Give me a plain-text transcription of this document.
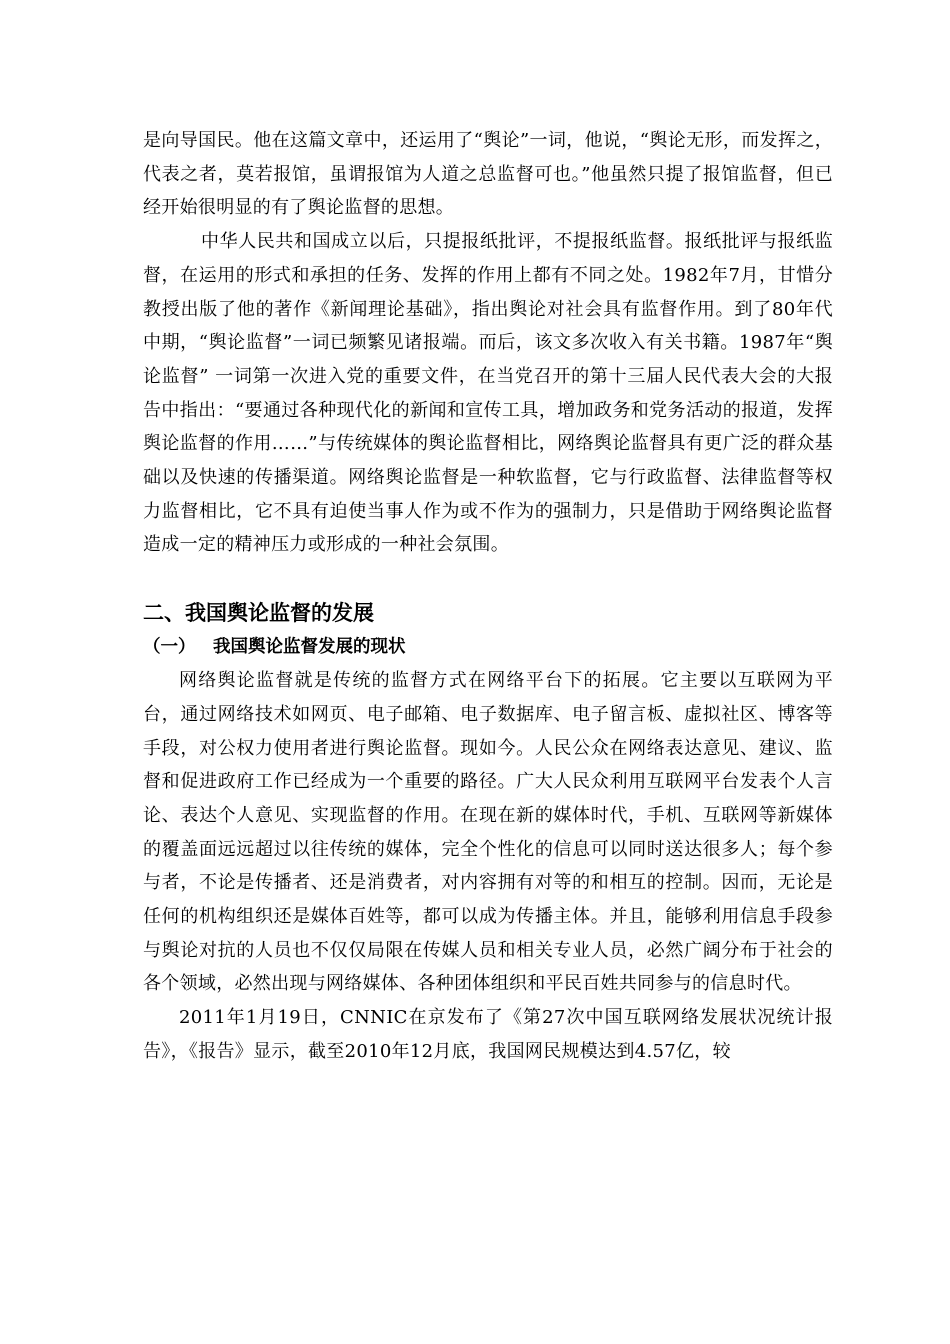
是向导国民。他在这篇文章中，还运用了“舆论”一词，他说，“舆论无形，而发挥之，代表之者，莫若报馆，虽谓报馆为人道之总监督可也。”他虽然只提了报馆监督，但已经开始很明显的有了舆论监督的思想。

中华人民共和国成立以后，只提报纸批评，不提报纸监督。报纸批评与报纸监督，在运用的形式和承担的任务、发挥的作用上都有不同之处。1982年7月，甘惜分教授出版了他的著作《新闻理论基础》，指出舆论对社会具有监督作用。到了80年代中期，“舆论监督”一词已频繁见诸报端。而后，该文多次收入有关书籍。1987年“舆论监督” 一词第一次进入党的重要文件，在当党召开的第十三届人民代表大会的大报告中指出：“要通过各种现代化的新闻和宣传工具，增加政务和党务活动的报道，发挥舆论监督的作用……”与传统媒体的舆论监督相比，网络舆论监督具有更广泛的群众基础以及快速的传播渠道。网络舆论监督是一种软监督，它与行政监督、法律监督等权力监督相比，它不具有迫使当事人作为或不作为的强制力，只是借助于网络舆论监督造成一定的精神压力或形成的一种社会氛围。

二、我国舆论监督的发展
（一） 我国舆论监督发展的现状

网络舆论监督就是传统的监督方式在网络平台下的拓展。它主要以互联网为平台，通过网络技术如网页、电子邮箱、电子数据库、电子留言板、虚拟社区、博客等手段，对公权力使用者进行舆论监督。现如今。人民公众在网络表达意见、建议、监督和促进政府工作已经成为一个重要的路径。广大人民众利用互联网平台发表个人言论、表达个人意见、实现监督的作用。在现在新的媒体时代，手机、互联网等新媒体的覆盖面远远超过以往传统的媒体，完全个性化的信息可以同时送达很多人；每个参与者，不论是传播者、还是消费者，对内容拥有对等的和相互的控制。因而，无论是任何的机构组织还是媒体百姓等，都可以成为传播主体。并且，能够利用信息手段参与舆论对抗的人员也不仅仅局限在传媒人员和相关专业人员，必然广阔分布于社会的各个领域，必然出现与网络媒体、各种团体组织和平民百姓共同参与的信息时代。

2011年1月19日，CNNIC在京发布了《第27次中国互联网络发展状况统计报告》，《报告》显示，截至2010年12月底，我国网民规模达到4.57亿，较
